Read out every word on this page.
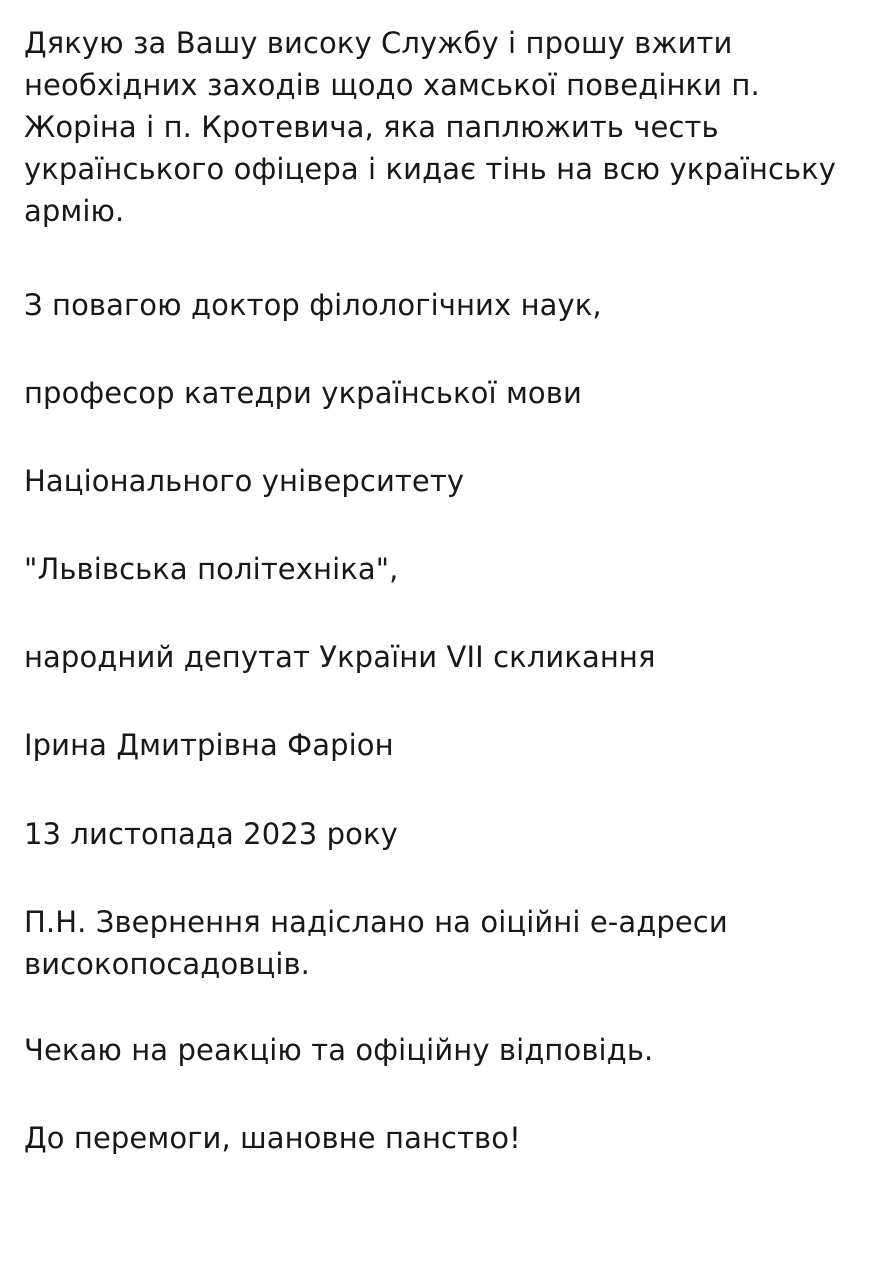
Дякую за Вашу високу Службу і прошу вжити необхідних заходів щодо хамської поведінки п. Жоріна і п. Кротевича, яка паплюжить честь українського офіцера і кидає тінь на всю українську армію.

З повагою доктор філологічних наук,

професор катедри української мови

Національного університету

"Львівська політехніка",

народний депутат України VII скликання

Ірина Дмитрівна Фаріон

13 листопада 2023 року

П.Н. Звернення надіслано на оіційні е-адреси високопосадовців.

Чекаю на реакцію та офіційну відповідь.

До перемоги, шановне панство!
